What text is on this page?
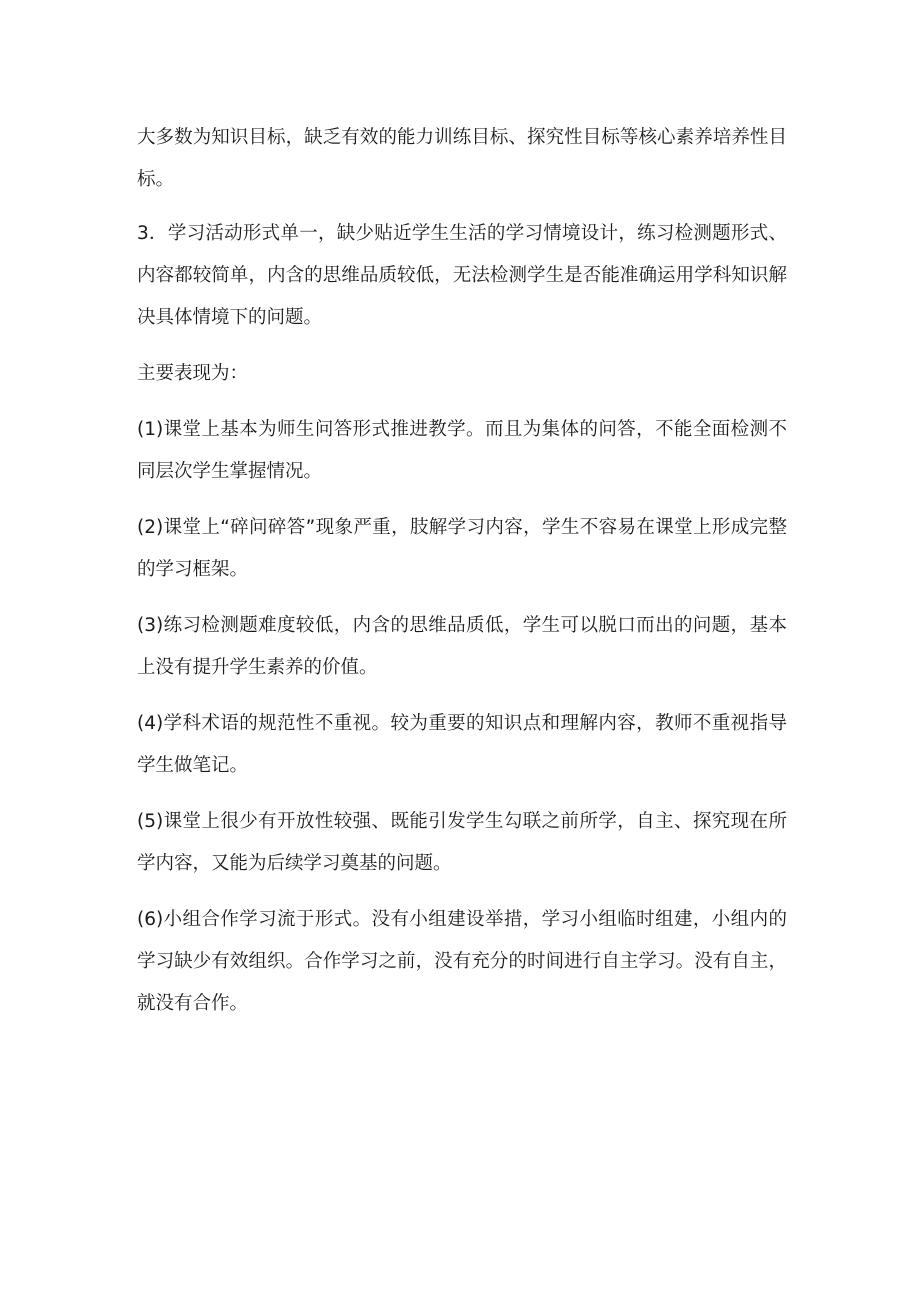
大多数为知识目标，缺乏有效的能力训练目标、探究性目标等核心素养培养性目标。

3．学习活动形式单一，缺少贴近学生生活的学习情境设计，练习检测题形式、内容都较简单，内含的思维品质较低，无法检测学生是否能准确运用学科知识解决具体情境下的问题。

主要表现为：

(1)课堂上基本为师生问答形式推进教学。而且为集体的问答，不能全面检测不同层次学生掌握情况。

(2)课堂上“碎问碎答”现象严重，肢解学习内容，学生不容易在课堂上形成完整的学习框架。

(3)练习检测题难度较低，内含的思维品质低，学生可以脱口而出的问题，基本上没有提升学生素养的价值。

(4)学科术语的规范性不重视。较为重要的知识点和理解内容，教师不重视指导学生做笔记。

(5)课堂上很少有开放性较强、既能引发学生勾联之前所学，自主、探究现在所学内容，又能为后续学习奠基的问题。

(6)小组合作学习流于形式。没有小组建设举措，学习小组临时组建，小组内的学习缺少有效组织。合作学习之前，没有充分的时间进行自主学习。没有自主，就没有合作。
